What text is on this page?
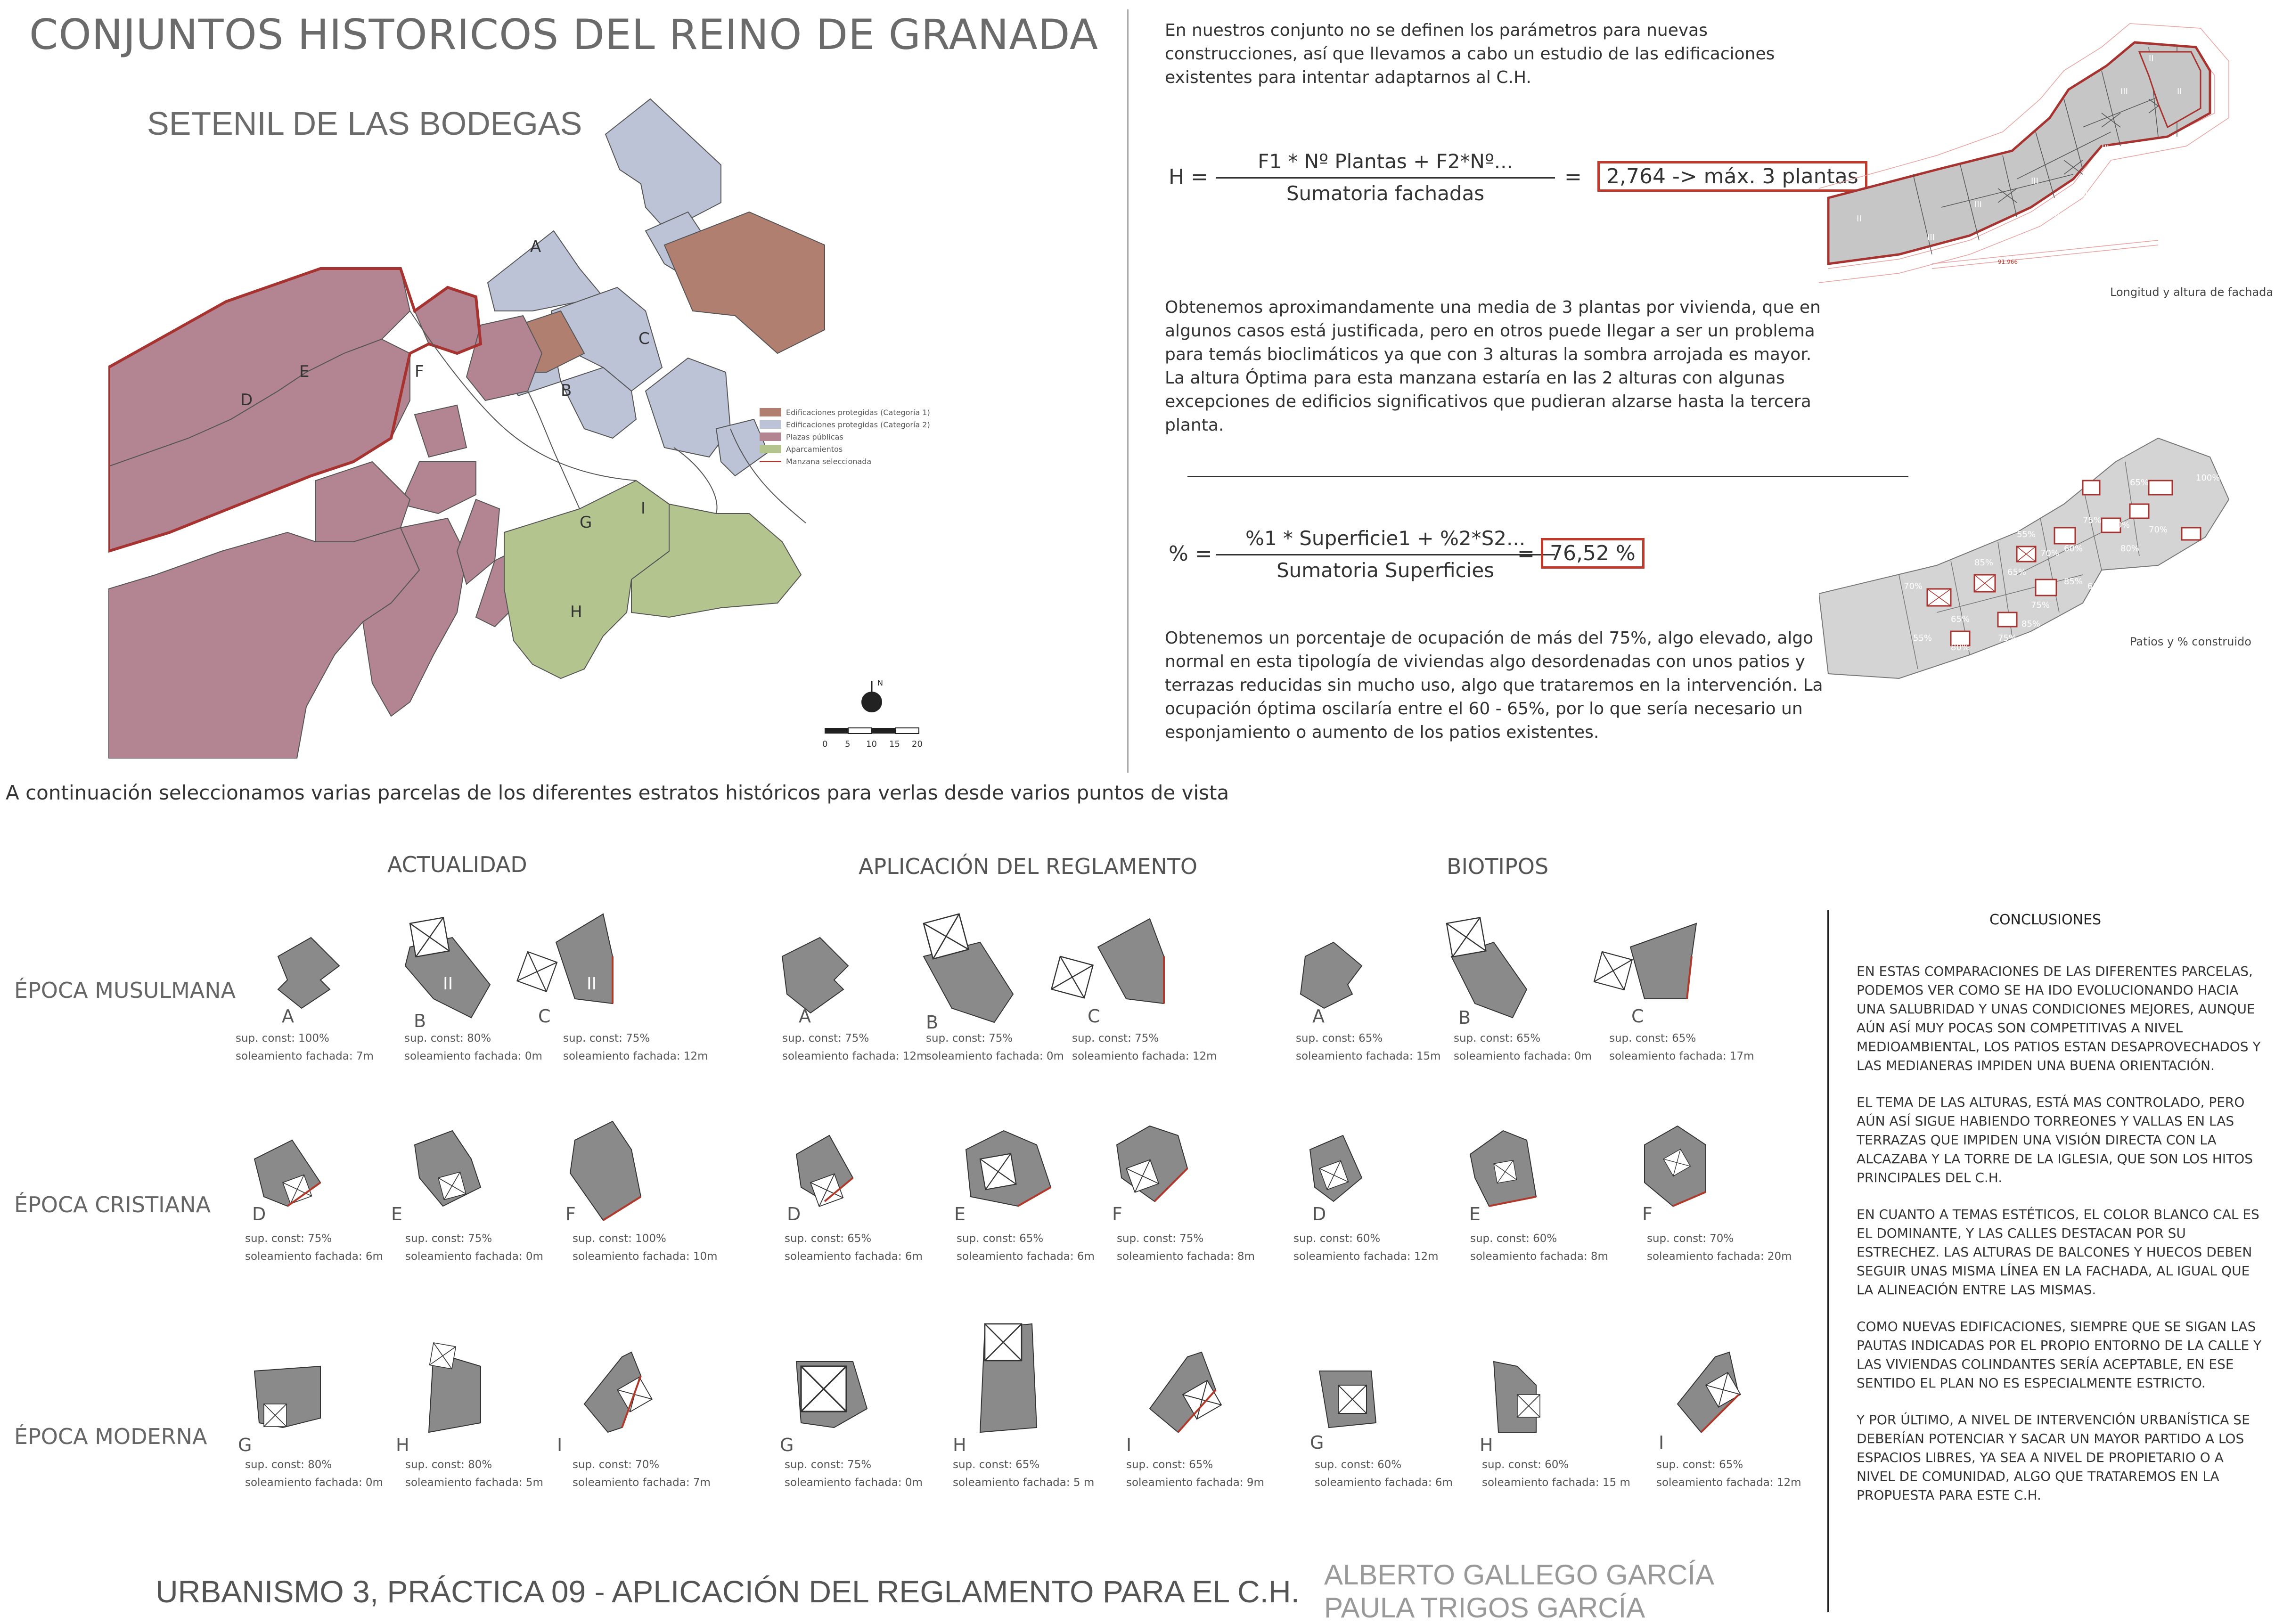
CONJUNTOS HISTORICOS DEL REINO DE GRANADA
SETENIL DE LAS BODEGAS
A
B
C
D
E	F
G
H
I
N
0 5 10 15 20
Edificaciones protegidas (Categoría 1)
Edificaciones protegidas (Categoría 2)
Plazas públicas
Aparcamientos
Manzana seleccionada
En nuestros conjunto no se definen los parámetros para nuevas construcciones, así que llevamos a cabo un estudio de las edificaciones existentes para intentar adaptarnos al C.H.
H =
F1 * Nº Plantas + F2*Nº...
Sumatoria fachadas
=	2,764 -> máx. 3 plantas
Obtenemos aproximandamente una media de 3 plantas por vivienda, que en algunos casos está justificada, pero en otros puede llegar a ser un problema para temás bioclimáticos ya que con 3 alturas la sombra arrojada es mayor. La altura Óptima para esta manzana estaría en las 2 alturas con algunas excepciones de edificios significativos que pudieran alzarse hasta la tercera planta.
% =
%1 * Superficie1 + %2*S2...
Sumatoria Superficies
= 76,52 %
Obtenemos un porcentaje de ocupación de más del 75%, algo elevado, algo normal en esta tipología de viviendas algo desordenadas con unos patios y terrazas reducidas sin mucho uso, algo que trataremos en la intervención. La ocupación óptima oscilaría entre el 60 - 65%, por lo que sería necesario un esponjamiento o aumento de los patios existentes.
II
III
III
III
III
II
II
III
II
III
91.966
Longitud y altura de fachada
70%
100%
65%
75%
80%
55%
70%
85%
60%
70%
75%
65%
85%
80%
75%
60%
65%
70%
55%
80%
75%
85%
Patios y % construido
A continuación seleccionamos varias parcelas de los diferentes estratos históricos para verlas desde varios puntos de vista
ACTUALIDAD	APLICACIÓN DEL REGLAMENTO	BIOTIPOS
ÉPOCA MUSULMANA
ÉPOCA CRISTIANA
ÉPOCA MODERNA
II	II
A
sup. const: 100%
soleamiento fachada: 7m
B
sup. const: 80%
soleamiento fachada: 0m
C
sup. const: 75%
soleamiento fachada: 12m
A
sup. const: 75%
soleamiento fachada: 12m
B
sup. const: 75%
soleamiento fachada: 0m
C
sup. const: 75%
soleamiento fachada: 12m
A
sup. const: 65%
soleamiento fachada: 15m
B
sup. const: 65%
soleamiento fachada: 0m
C
sup. const: 65%
soleamiento fachada: 17m
D
sup. const: 75%
soleamiento fachada: 6m
E
sup. const: 75%
soleamiento fachada: 0m
F
sup. const: 100%
soleamiento fachada: 10m
D
sup. const: 65%
soleamiento fachada: 6m
E
sup. const: 65%
soleamiento fachada: 6m
F
sup. const: 75%
soleamiento fachada: 8m
D
sup. const: 60%
soleamiento fachada: 12m
E
sup. const: 60%
soleamiento fachada: 8m
F
sup. const: 70%
soleamiento fachada: 20m
G
sup. const: 80%
soleamiento fachada: 0m
H
sup. const: 80%
soleamiento fachada: 5m
I
sup. const: 70%
soleamiento fachada: 7m
G
sup. const: 75%
soleamiento fachada: 0m
H
sup. const: 65%
soleamiento fachada: 5 m
I
sup. const: 65%
soleamiento fachada: 9m
G
sup. const: 60%
soleamiento fachada: 6m
H
sup. const: 60%
soleamiento fachada: 15 m
I
sup. const: 65%
soleamiento fachada: 12m
CONCLUSIONES

EN ESTAS COMPARACIONES DE LAS DIFERENTES PARCELAS, PODEMOS VER COMO SE HA IDO EVOLUCIONANDO HACIA UNA SALUBRIDAD Y UNAS CONDICIONES MEJORES, AUNQUE AÚN ASÍ MUY POCAS SON COMPETITIVAS A NIVEL MEDIOAMBIENTAL, LOS PATIOS ESTAN DESAPROVECHADOS Y LAS MEDIANERAS IMPIDEN UNA BUENA ORIENTACIÓN.

EL TEMA DE LAS ALTURAS, ESTÁ MAS CONTROLADO, PERO AÚN ASÍ SIGUE HABIENDO TORREONES Y VALLAS EN LAS TERRAZAS QUE IMPIDEN UNA VISIÓN DIRECTA CON LA ALCAZABA Y LA TORRE DE LA IGLESIA, QUE SON LOS HITOS PRINCIPALES DEL C.H.

EN CUANTO A TEMAS ESTÉTICOS, EL COLOR BLANCO CAL ES EL DOMINANTE, Y LAS CALLES DESTACAN POR SU ESTRECHEZ. LAS ALTURAS DE BALCONES Y HUECOS DEBEN SEGUIR UNAS MISMA LÍNEA EN LA FACHADA, AL IGUAL QUE LA ALINEACIÓN ENTRE LAS MISMAS.

COMO NUEVAS EDIFICACIONES, SIEMPRE QUE SE SIGAN LAS PAUTAS INDICADAS POR EL PROPIO ENTORNO DE LA CALLE Y LAS VIVIENDAS COLINDANTES SERÍA ACEPTABLE, EN ESE SENTIDO EL PLAN NO ES ESPECIALMENTE ESTRICTO.

Y POR ÚLTIMO, A NIVEL DE INTERVENCIÓN URBANÍSTICA SE DEBERÍAN POTENCIAR Y SACAR UN MAYOR PARTIDO A LOS ESPACIOS LIBRES, YA SEA A NIVEL DE PROPIETARIO O A NIVEL DE COMUNIDAD, ALGO QUE TRATAREMOS EN LA PROPUESTA PARA ESTE C.H.

URBANISMO 3, PRÁCTICA 09 - APLICACIÓN DEL REGLAMENTO PARA EL C.H. ALBERTO GALLEGO GARCÍA
PAULA TRIGOS GARCÍA
